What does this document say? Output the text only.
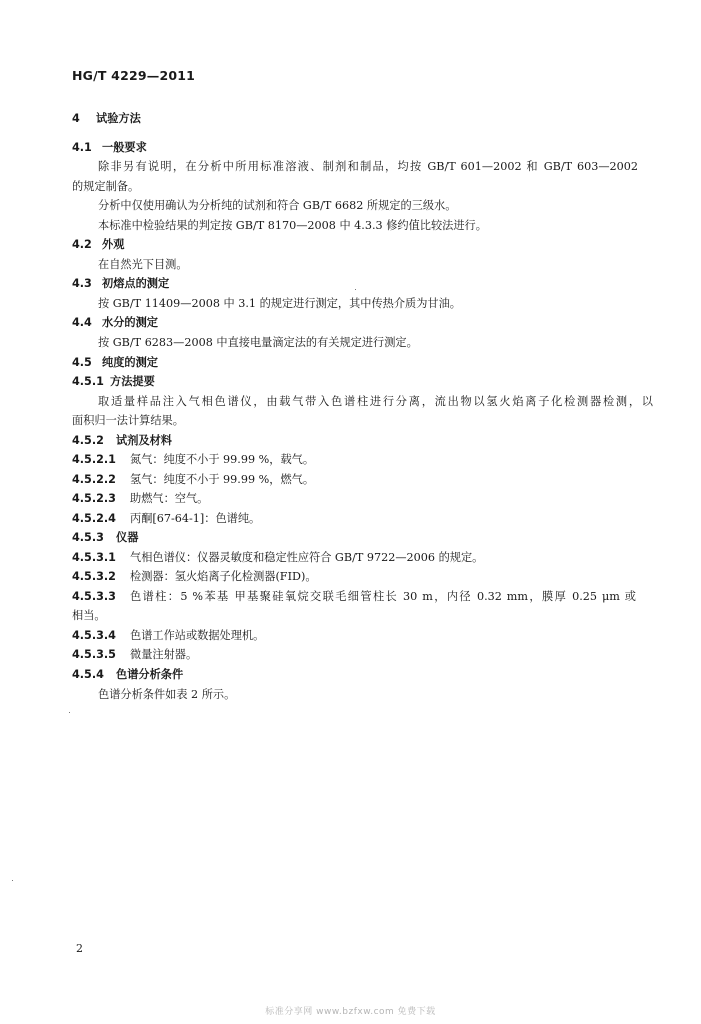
HG/T 4229—2011
4 试验方法
4.1 一般要求
除非另有说明，在分析中所用标准溶液、制剂和制品，均按 GB/T 601—2002 和 GB/T 603—2002
的规定制备。
分析中仅使用确认为分析纯的试剂和符合 GB/T 6682 所规定的三级水。
本标准中检验结果的判定按 GB/T 8170—2008 中 4.3.3 修约值比较法进行。
4.2 外观
在自然光下目测。
4.3 初熔点的测定
按 GB/T 11409—2008 中 3.1 的规定进行测定，其中传热介质为甘油。
4.4 水分的测定
按 GB/T 6283—2008 中直接电量滴定法的有关规定进行测定。
4.5 纯度的测定
4.5.1 方法提要
取适量样品注入气相色谱仪，由载气带入色谱柱进行分离，流出物以氢火焰离子化检测器检测，以
面积归一法计算结果。
4.5.2 试剂及材料
4.5.2.1 氮气：纯度不小于 99.99 %，载气。
4.5.2.2 氢气：纯度不小于 99.99 %，燃气。
4.5.2.3 助燃气：空气。
4.5.2.4 丙酮[67-64-1]：色谱纯。
4.5.3 仪器
4.5.3.1 气相色谱仪：仪器灵敏度和稳定性应符合 GB/T 9722—2006 的规定。
4.5.3.2 检测器：氢火焰离子化检测器(FID)。
4.5.3.3 色谱柱：5 %苯基 甲基聚硅氧烷交联毛细管柱长 30 m，内径 0.32 mm，膜厚 0.25 μm 或
相当。
4.5.3.4 色谱工作站或数据处理机。
4.5.3.5 微量注射器。
4.5.4 色谱分析条件
色谱分析条件如表 2 所示。
2
标准分享网 www.bzfxw.com 免费下载
